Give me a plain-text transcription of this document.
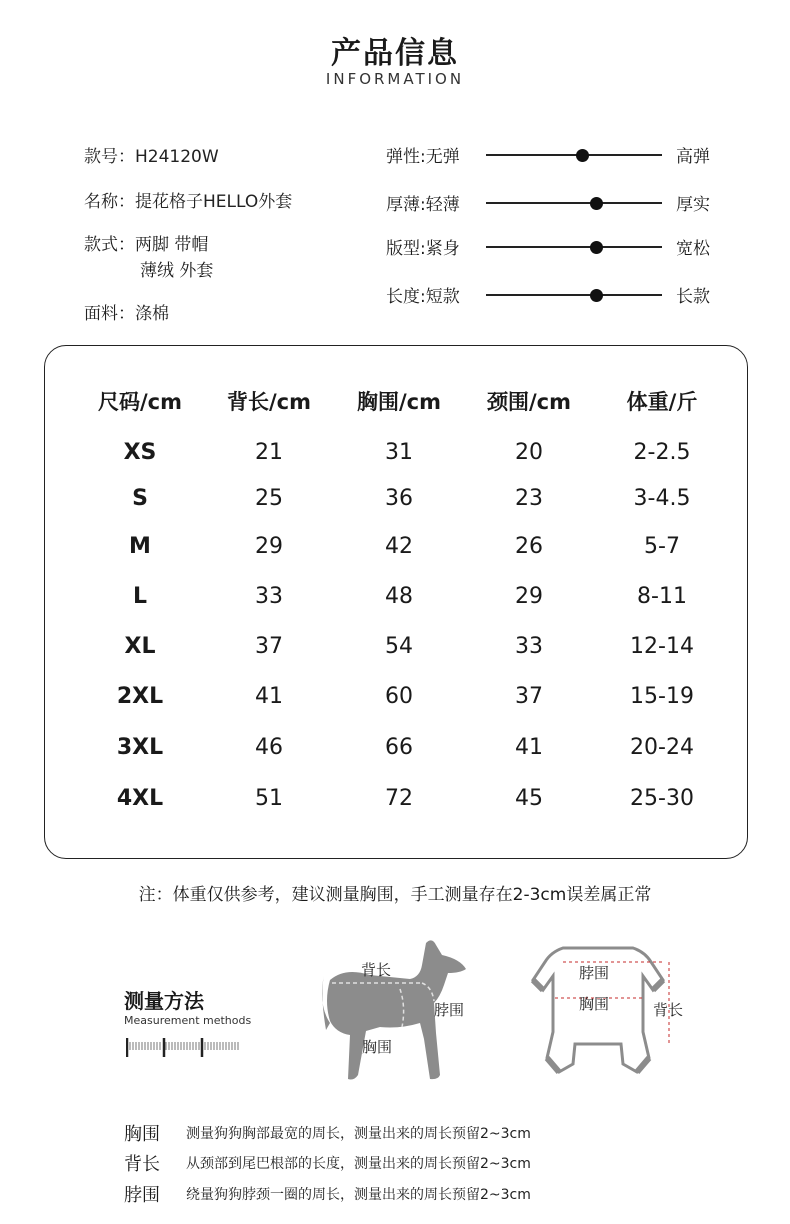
产品信息
INFORMATION
款号：H24120W
名称：提花格子HELLO外套
款式：两脚 带帽
薄绒 外套
面料：涤棉
弹性:无弹	高弹
厚薄:轻薄	厚实
版型:紧身	宽松
长度:短款	长款
尺码/cm	背长/cm	胸围/cm	颈围/cm	体重/斤
XS	21	31	20	2-2.5
S	25	36	23	3-4.5
M	29	42	26	5-7
L	33	48	29	8-11
XL	37	54	33	12-14
2XL	41	60	37	15-19
3XL	46	66	41	20-24
4XL	51	72	45	25-30
注：体重仅供参考，建议测量胸围，手工测量存在2-3cm误差属正常
测量方法
Measurement methods
背长
脖围
胸围
脖围
胸围	背长
胸围 测量狗狗胸部最宽的周长，测量出来的周长预留2~3cm
背长 从颈部到尾巴根部的长度，测量出来的周长预留2~3cm
脖围 绕量狗狗脖颈一圈的周长，测量出来的周长预留2~3cm
